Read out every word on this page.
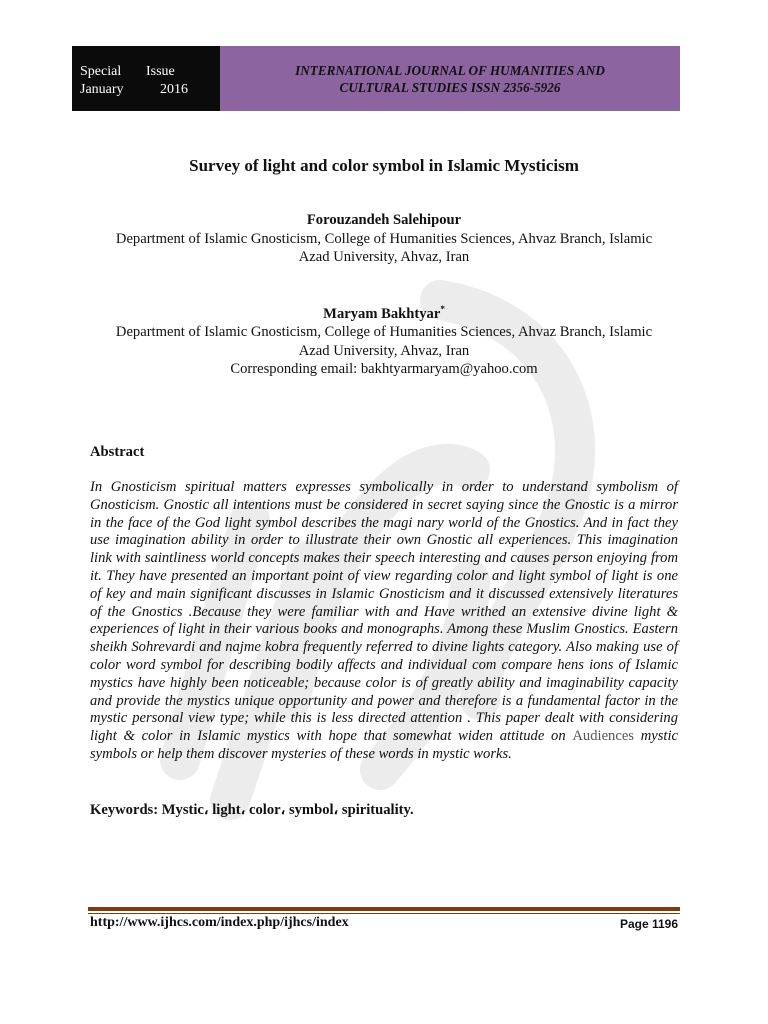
Special	Issue
January	2016
INTERNATIONAL JOURNAL OF HUMANITIES AND
CULTURAL STUDIES ISSN 2356-5926
Survey of light and color symbol in Islamic Mysticism
Forouzandeh Salehipour
Department of Islamic Gnosticism, College of Humanities Sciences, Ahvaz Branch, Islamic
Azad University, Ahvaz, Iran
Maryam Bakhtyar*
Department of Islamic Gnosticism, College of Humanities Sciences, Ahvaz Branch, Islamic
Azad University, Ahvaz, Iran
Corresponding email: bakhtyarmaryam@yahoo.com
Abstract
In Gnosticism spiritual matters expresses symbolically in order to understand symbolism of Gnosticism. Gnostic all intentions must be considered in secret saying since the Gnostic is a mirror in the face of the God light symbol describes the magi nary world of the Gnostics. And in fact they use imagination ability in order to illustrate their own Gnostic all experiences. This imagination link with saintliness world concepts makes their speech interesting and causes person enjoying from it. They have presented an important point of view regarding color and light symbol of light is one of key and main significant discusses in Islamic Gnosticism and it discussed extensively literatures of the Gnostics .Because they were familiar with and Have writhed an extensive divine light & experiences of light in their various books and monographs. Among these Muslim Gnostics. Eastern sheikh Sohrevardi and najme kobra frequently referred to divine lights category. Also making use of color word symbol for describing bodily affects and individual com compare hens ions of Islamic mystics have highly been noticeable; because color is of greatly ability and imaginability capacity and provide the mystics unique opportunity and power and therefore is a fundamental factor in the mystic personal view type; while this is less directed attention . This paper dealt with considering light & color in Islamic mystics with hope that somewhat widen attitude on Audiences mystic symbols or help them discover mysteries of these words in mystic works.
Keywords: Mystic، light، color، symbol، spirituality.
http://www.ijhcs.com/index.php/ijhcs/index	Page 1196
